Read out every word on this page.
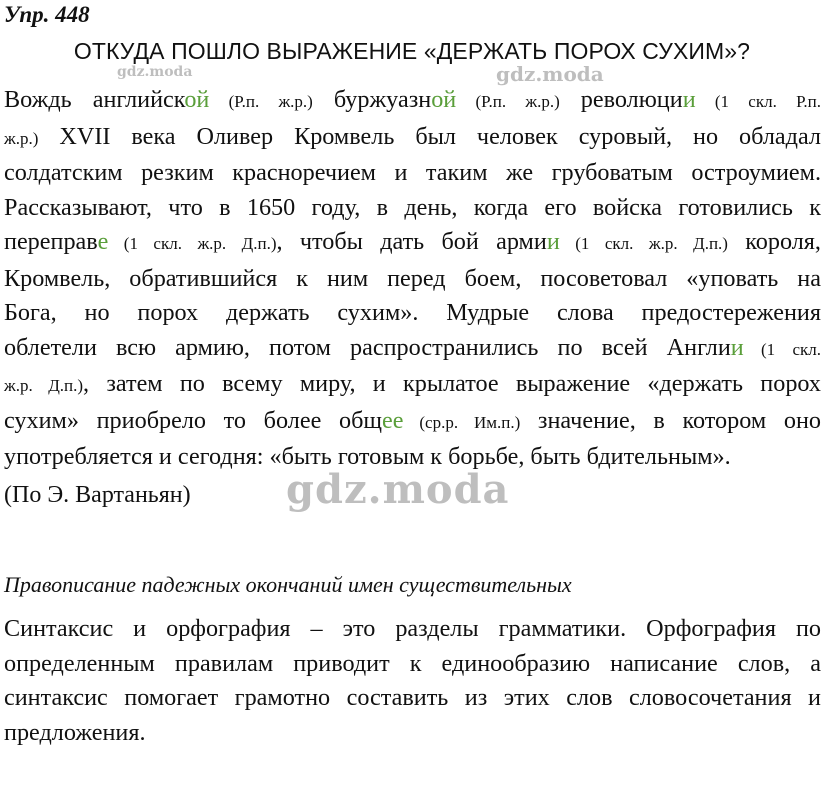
Упр. 448

ОТКУДА ПОШЛО ВЫРАЖЕНИЕ «ДЕРЖАТЬ ПОРОХ СУХИМ»?

Вождь английской (Р.п. ж.р.) буржуазной (Р.п. ж.р.) революции (1 скл. Р.п.
ж.р.) XVII века Оливер Кромвель был человек суровый, но обладал
солдатским резким красноречием и таким же грубоватым остроумием.
Рассказывают, что в 1650 году, в день, когда его войска готовились к
переправе (1 скл. ж.р. Д.п.), чтобы дать бой армии (1 скл. ж.р. Д.п.) короля,
Кромвель, обратившийся к ним перед боем, посоветовал «уповать на
Бога, но порох держать сухим». Мудрые слова предостережения
облетели всю армию, потом распространились по всей Англии (1 скл.
ж.р. Д.п.), затем по всему миру, и крылатое выражение «держать порох
сухим» приобрело то более общее (ср.р. Им.п.) значение, в котором оно
употребляется и сегодня: «быть готовым к борьбе, быть бдительным».

(По Э. Вартаньян)

Правописание падежных окончаний имен существительных

Синтаксис и орфография – это разделы грамматики. Орфография по
определенным правилам приводит к единообразию написание слов, а
синтаксис помогает грамотно составить из этих слов словосочетания и
предложения.
gdz.moda	gdz.moda
gdz.moda
